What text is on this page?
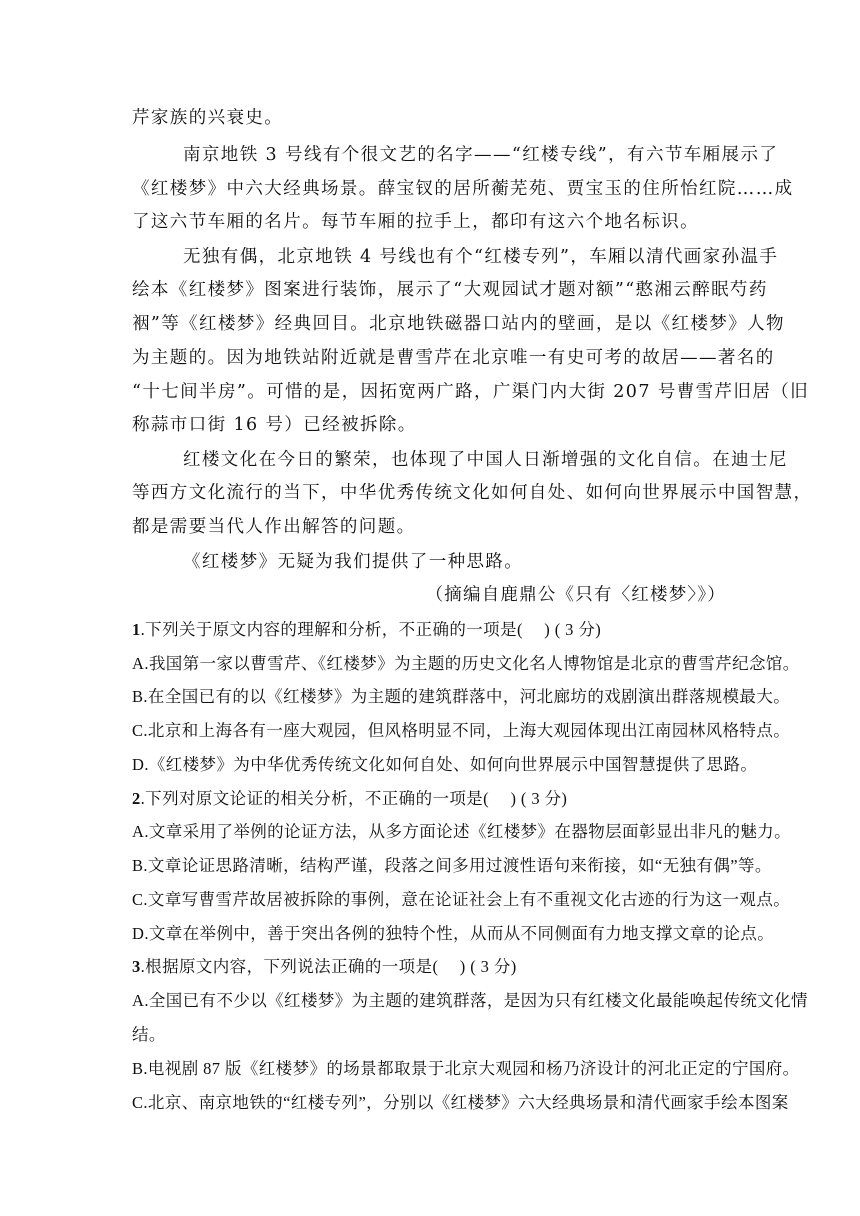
芹家族的兴衰史。
南京地铁 3 号线有个很文艺的名字——“红楼专线”，有六节车厢展示了
《红楼梦》中六大经典场景。薛宝钗的居所蘅芜苑、贾宝玉的住所怡红院……成
了这六节车厢的名片。每节车厢的拉手上，都印有这六个地名标识。
无独有偶，北京地铁 4 号线也有个“红楼专列”，车厢以清代画家孙温手
绘本《红楼梦》图案进行装饰，展示了“大观园试才题对额”“憨湘云醉眠芍药
裀”等《红楼梦》经典回目。北京地铁磁器口站内的壁画，是以《红楼梦》人物
为主题的。因为地铁站附近就是曹雪芹在北京唯一有史可考的故居——著名的
“十七间半房”。可惜的是，因拓宽两广路，广渠门内大街 207 号曹雪芹旧居（旧
称蒜市口街 16 号）已经被拆除。
红楼文化在今日的繁荣，也体现了中国人日渐增强的文化自信。在迪士尼
等西方文化流行的当下，中华优秀传统文化如何自处、如何向世界展示中国智慧，
都是需要当代人作出解答的问题。
《红楼梦》无疑为我们提供了一种思路。
（摘编自鹿鼎公《只有〈红楼梦〉》）
1.下列关于原文内容的理解和分析，不正确的一项是(　 ) ( 3 分)
A.我国第一家以曹雪芹、《红楼梦》为主题的历史文化名人博物馆是北京的曹雪芹纪念馆。
B.在全国已有的以《红楼梦》为主题的建筑群落中，河北廊坊的戏剧演出群落规模最大。
C.北京和上海各有一座大观园，但风格明显不同，上海大观园体现出江南园林风格特点。
D.《红楼梦》为中华优秀传统文化如何自处、如何向世界展示中国智慧提供了思路。
2.下列对原文论证的相关分析，不正确的一项是(　 ) ( 3 分)
A.文章采用了举例的论证方法，从多方面论述《红楼梦》在器物层面彰显出非凡的魅力。
B.文章论证思路清晰，结构严谨，段落之间多用过渡性语句来衔接，如“无独有偶”等。
C.文章写曹雪芹故居被拆除的事例，意在论证社会上有不重视文化古迹的行为这一观点。
D.文章在举例中，善于突出各例的独特个性，从而从不同侧面有力地支撑文章的论点。
3.根据原文内容，下列说法正确的一项是(　 ) ( 3 分)
A.全国已有不少以《红楼梦》为主题的建筑群落，是因为只有红楼文化最能唤起传统文化情
结。
B.电视剧 87 版《红楼梦》的场景都取景于北京大观园和杨乃济设计的河北正定的宁国府。
C.北京、南京地铁的“红楼专列”，分别以《红楼梦》六大经典场景和清代画家手绘本图案
